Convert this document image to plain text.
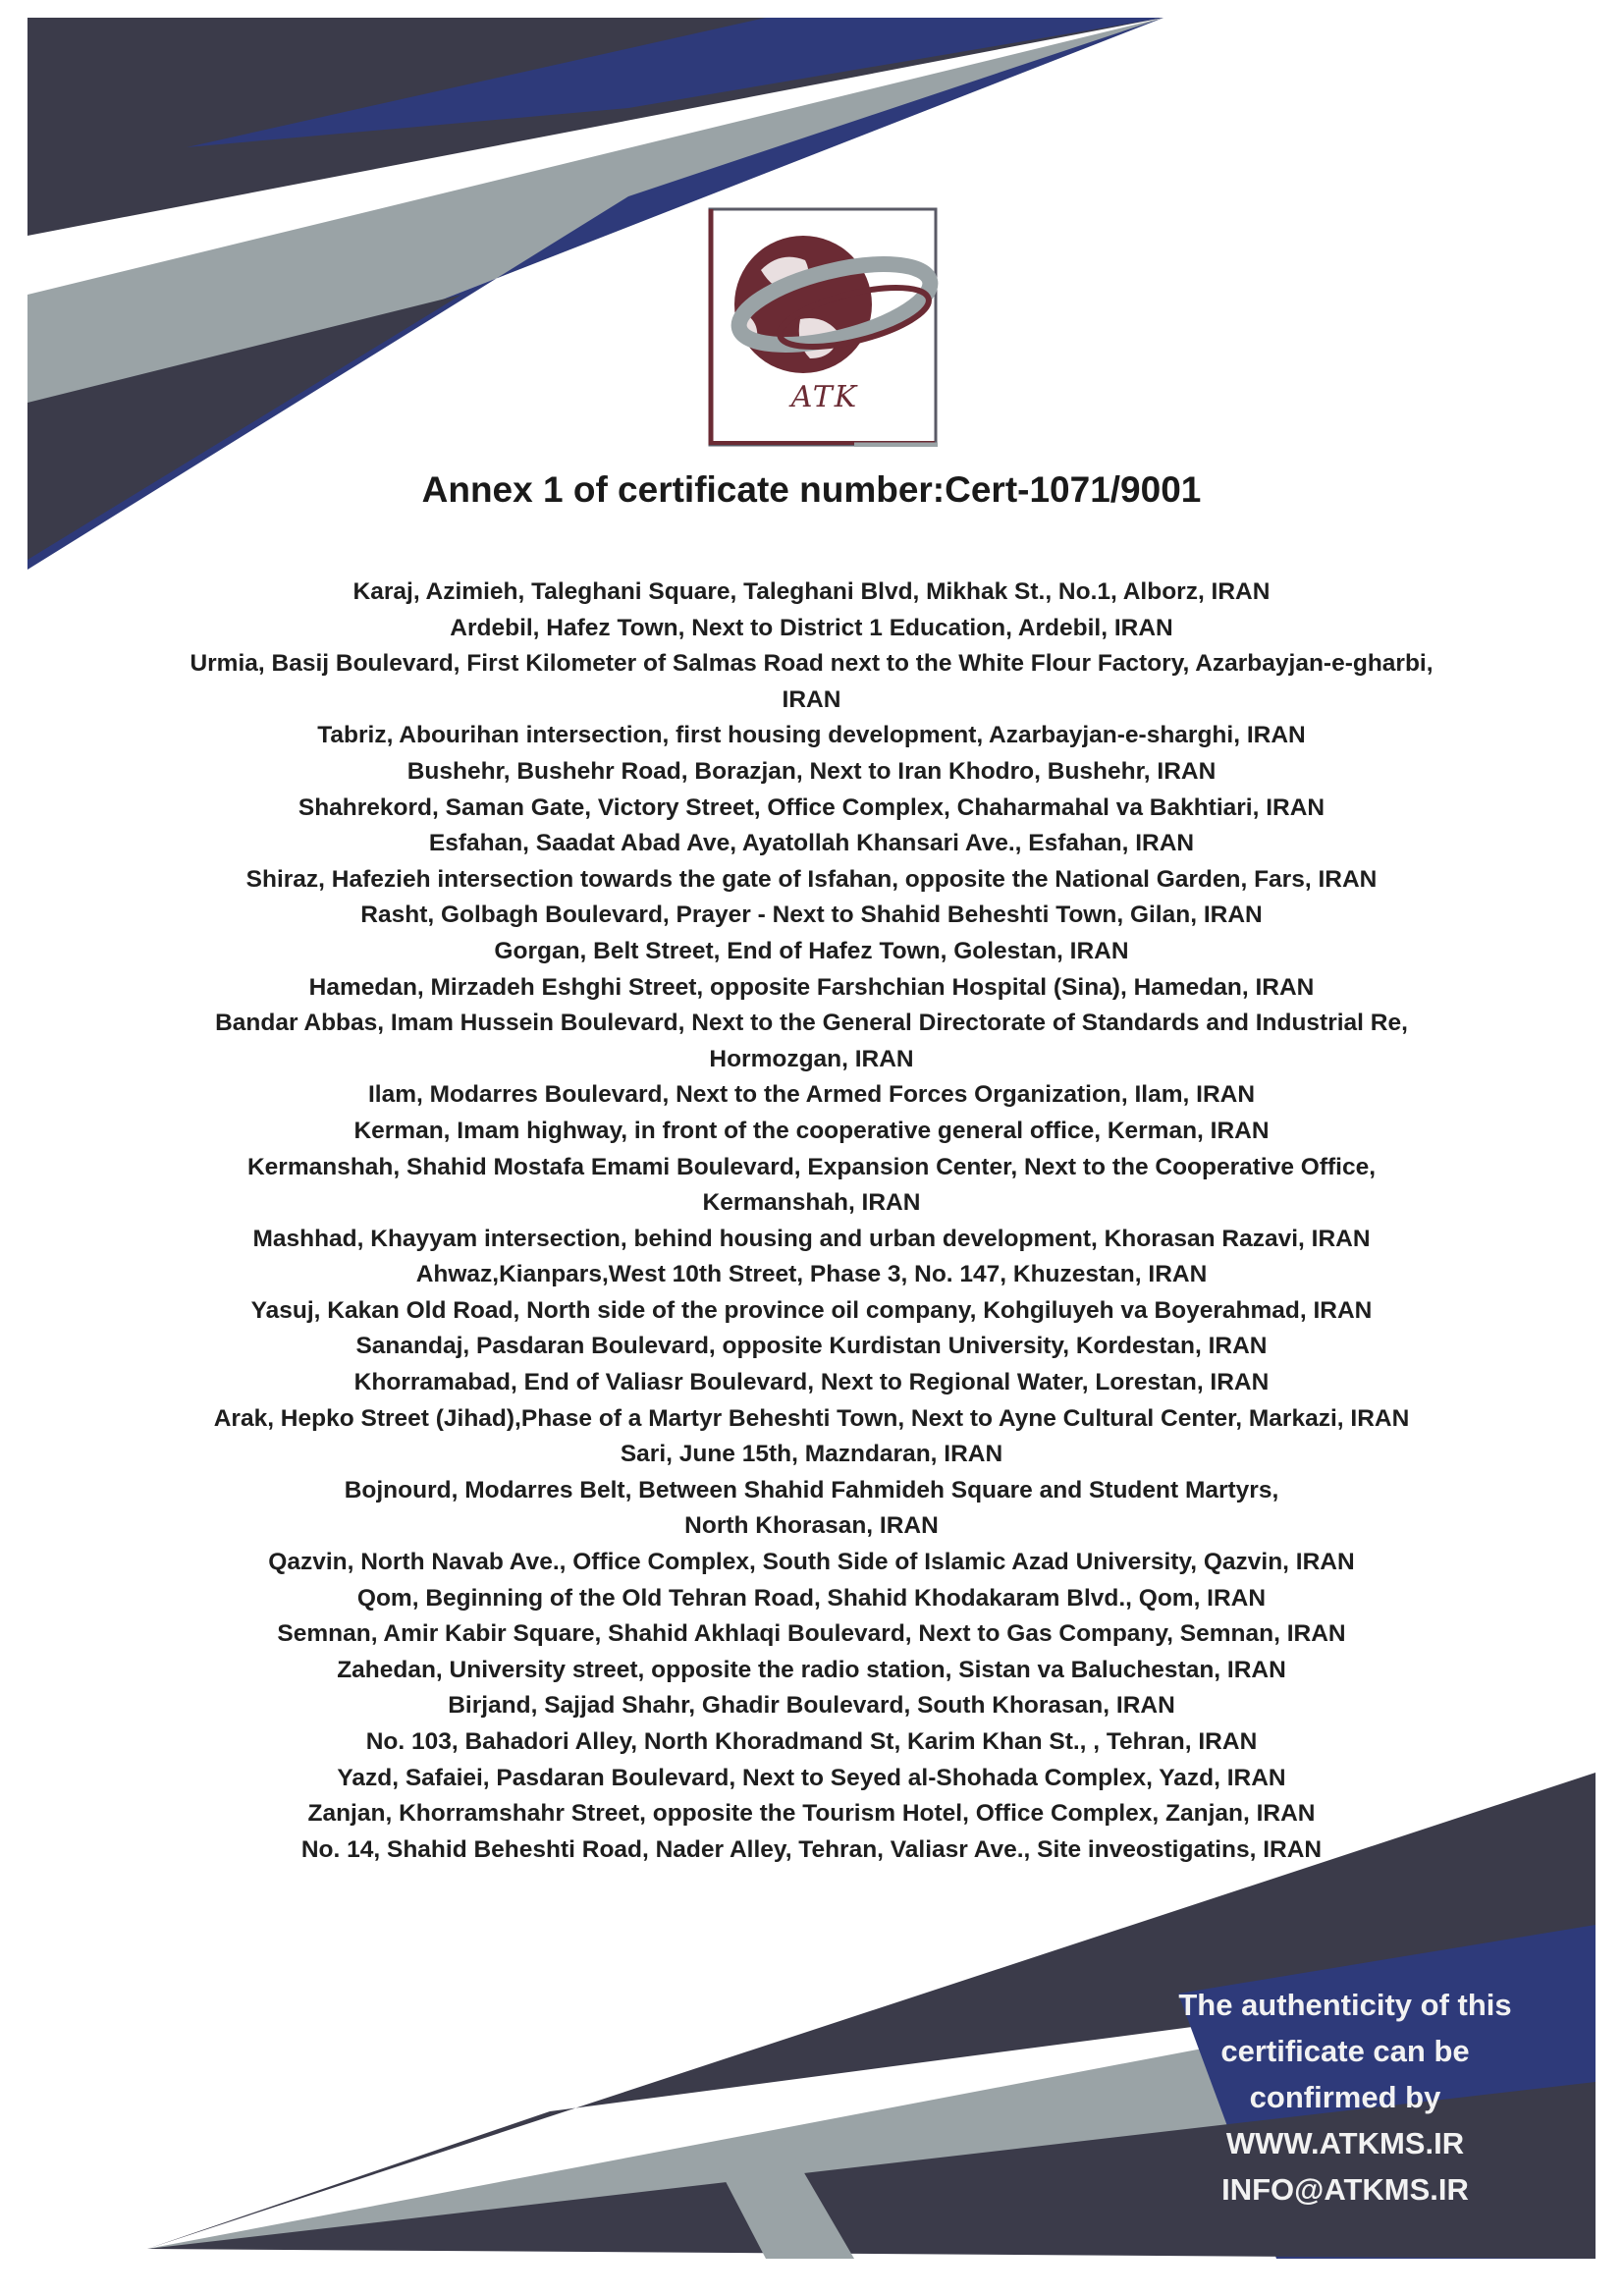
ATK
Annex 1 of certificate number:Cert-1071/9001
Karaj, Azimieh, Taleghani Square, Taleghani Blvd, Mikhak St., No.1, Alborz, IRAN
Ardebil, Hafez Town, Next to District 1 Education, Ardebil, IRAN
Urmia, Basij Boulevard, First Kilometer of Salmas Road next to the White Flour Factory, Azarbayjan-e-gharbi,
IRAN
Tabriz, Abourihan intersection, first housing development, Azarbayjan-e-sharghi, IRAN
Bushehr, Bushehr Road, Borazjan, Next to Iran Khodro, Bushehr, IRAN
Shahrekord, Saman Gate, Victory Street, Office Complex, Chaharmahal va Bakhtiari, IRAN
Esfahan, Saadat Abad Ave, Ayatollah Khansari Ave., Esfahan, IRAN
Shiraz, Hafezieh intersection towards the gate of Isfahan, opposite the National Garden, Fars, IRAN
Rasht, Golbagh Boulevard, Prayer - Next to Shahid Beheshti Town, Gilan, IRAN
Gorgan, Belt Street, End of Hafez Town, Golestan, IRAN
Hamedan, Mirzadeh Eshghi Street, opposite Farshchian Hospital (Sina), Hamedan, IRAN
Bandar Abbas, Imam Hussein Boulevard, Next to the General Directorate of Standards and Industrial Re,
Hormozgan, IRAN
Ilam, Modarres Boulevard, Next to the Armed Forces Organization, Ilam, IRAN
Kerman, Imam highway, in front of the cooperative general office, Kerman, IRAN
Kermanshah, Shahid Mostafa Emami Boulevard, Expansion Center, Next to the Cooperative Office,
Kermanshah, IRAN
Mashhad, Khayyam intersection, behind housing and urban development, Khorasan Razavi, IRAN
Ahwaz,Kianpars,West 10th Street, Phase 3, No. 147, Khuzestan, IRAN
Yasuj, Kakan Old Road, North side of the province oil company, Kohgiluyeh va Boyerahmad, IRAN
Sanandaj, Pasdaran Boulevard, opposite Kurdistan University, Kordestan, IRAN
Khorramabad, End of Valiasr Boulevard, Next to Regional Water, Lorestan, IRAN
Arak, Hepko Street (Jihad),Phase of a Martyr Beheshti Town, Next to Ayne Cultural Center, Markazi, IRAN
Sari, June 15th, Mazndaran, IRAN
Bojnourd, Modarres Belt, Between Shahid Fahmideh Square and Student Martyrs,
North Khorasan, IRAN
Qazvin, North Navab Ave., Office Complex, South Side of Islamic Azad University, Qazvin, IRAN
Qom, Beginning of the Old Tehran Road, Shahid Khodakaram Blvd., Qom, IRAN
Semnan, Amir Kabir Square, Shahid Akhlaqi Boulevard, Next to Gas Company, Semnan, IRAN
Zahedan, University street, opposite the radio station, Sistan va Baluchestan, IRAN
Birjand, Sajjad Shahr, Ghadir Boulevard, South Khorasan, IRAN
No. 103, Bahadori Alley, North Khoradmand St, Karim Khan St., , Tehran, IRAN
Yazd, Safaiei, Pasdaran Boulevard, Next to Seyed al-Shohada Complex, Yazd, IRAN
Zanjan, Khorramshahr Street, opposite the Tourism Hotel, Office Complex, Zanjan, IRAN
No. 14, Shahid Beheshti Road, Nader Alley, Tehran, Valiasr Ave., Site inveostigatins, IRAN
The authenticity of this
certificate can be
confirmed by
WWW.ATKMS.IR
INFO@ATKMS.IR
